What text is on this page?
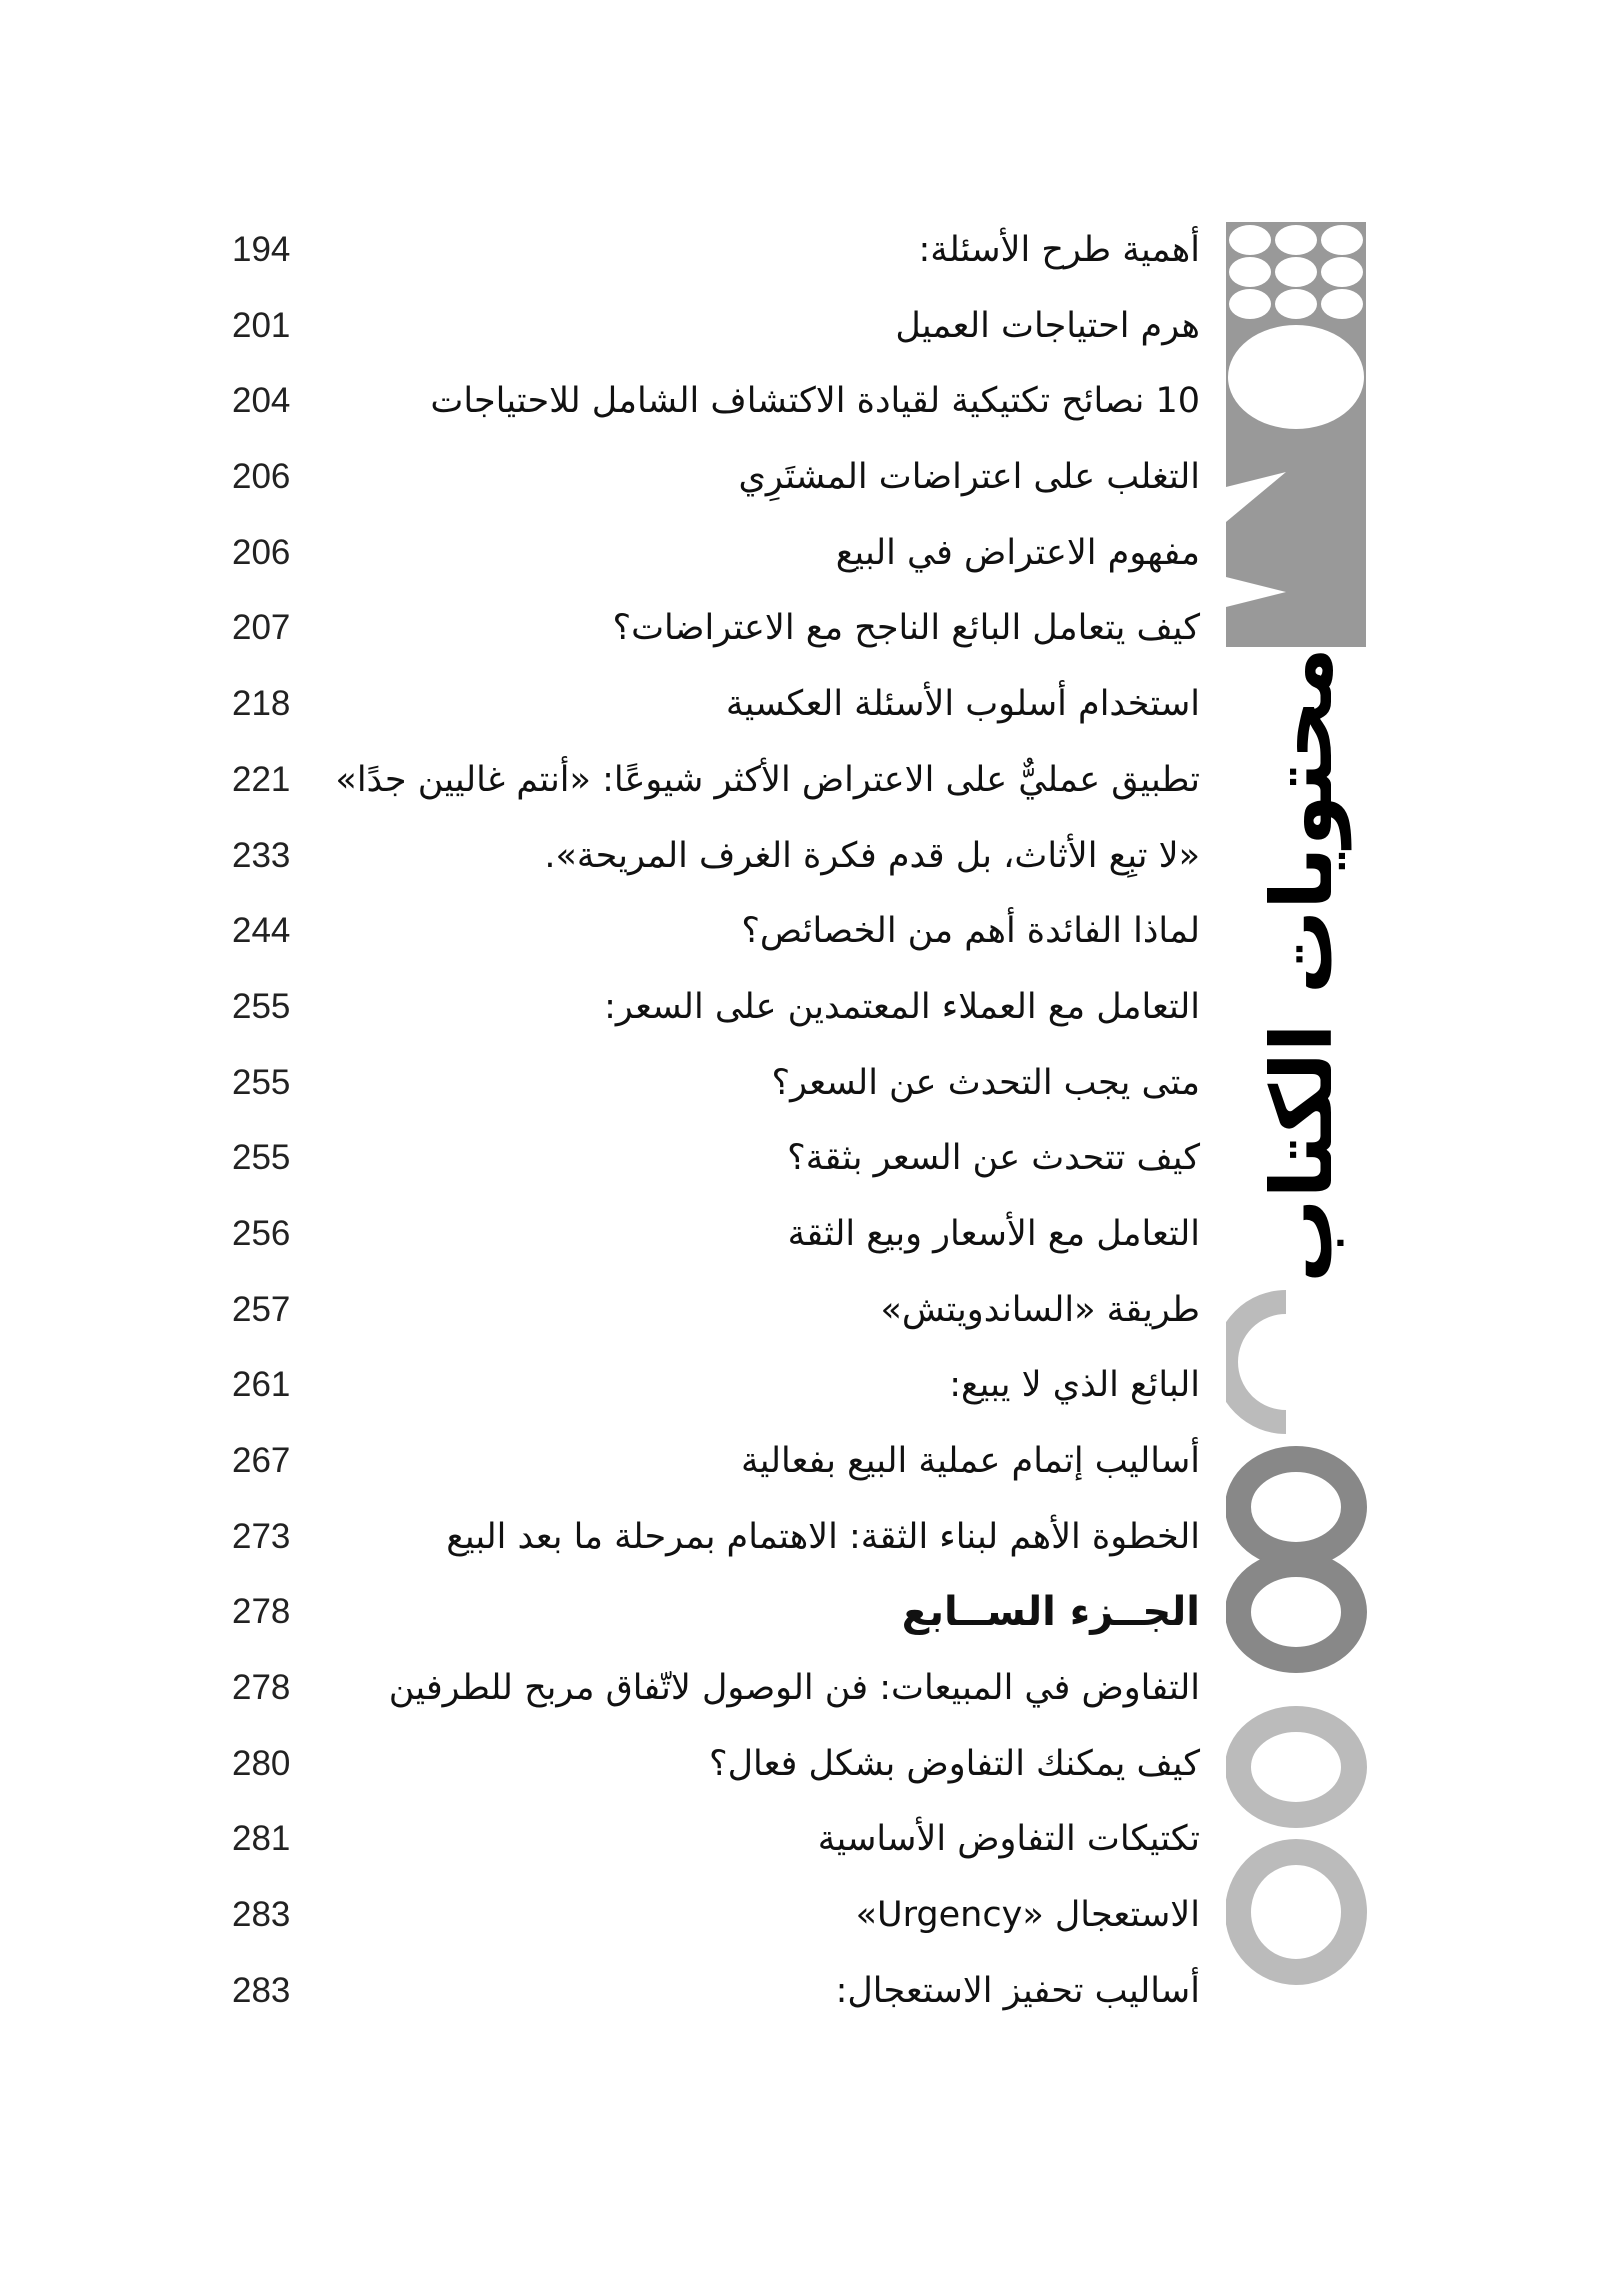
أهمية طرح الأسئلة:
194
هرم احتياجات العميل
201
10 نصائح تكتيكية لقيادة الاكتشاف الشامل للاحتياجات
204
التغلب على اعتراضات المشتَرِي
206
مفهوم الاعتراض في البيع
206
كيف يتعامل البائع الناجح مع الاعتراضات؟
207
استخدام أسلوب الأسئلة العكسية
218
تطبيق عمليٌّ على الاعتراض الأكثر شيوعًا: «أنتم غاليين جدًا»
221
«لا تبِع الأثاث، بل قدم فكرة الغرف المريحة».
233
لماذا الفائدة أهم من الخصائص؟
244
التعامل مع العملاء المعتمدين على السعر:
255
متى يجب التحدث عن السعر؟
255
كيف تتحدث عن السعر بثقة؟
255
التعامل مع الأسعار وبيع الثقة
256
طريقة «الساندويتش»
257
البائع الذي لا يبيع:
261
أساليب إتمام عملية البيع بفعالية
267
الخطوة الأهم لبناء الثقة: الاهتمام بمرحلة ما بعد البيع
273
الجــزء الســابع
278
التفاوض في المبيعات: فن الوصول لاتّفاق مربح للطرفين
278
كيف يمكنك التفاوض بشكل فعال؟
280
تكتيكات التفاوض الأساسية
281
الاستعجال «Urgency»
283
أساليب تحفيز الاستعجال:
283
محتويات الكتاب
